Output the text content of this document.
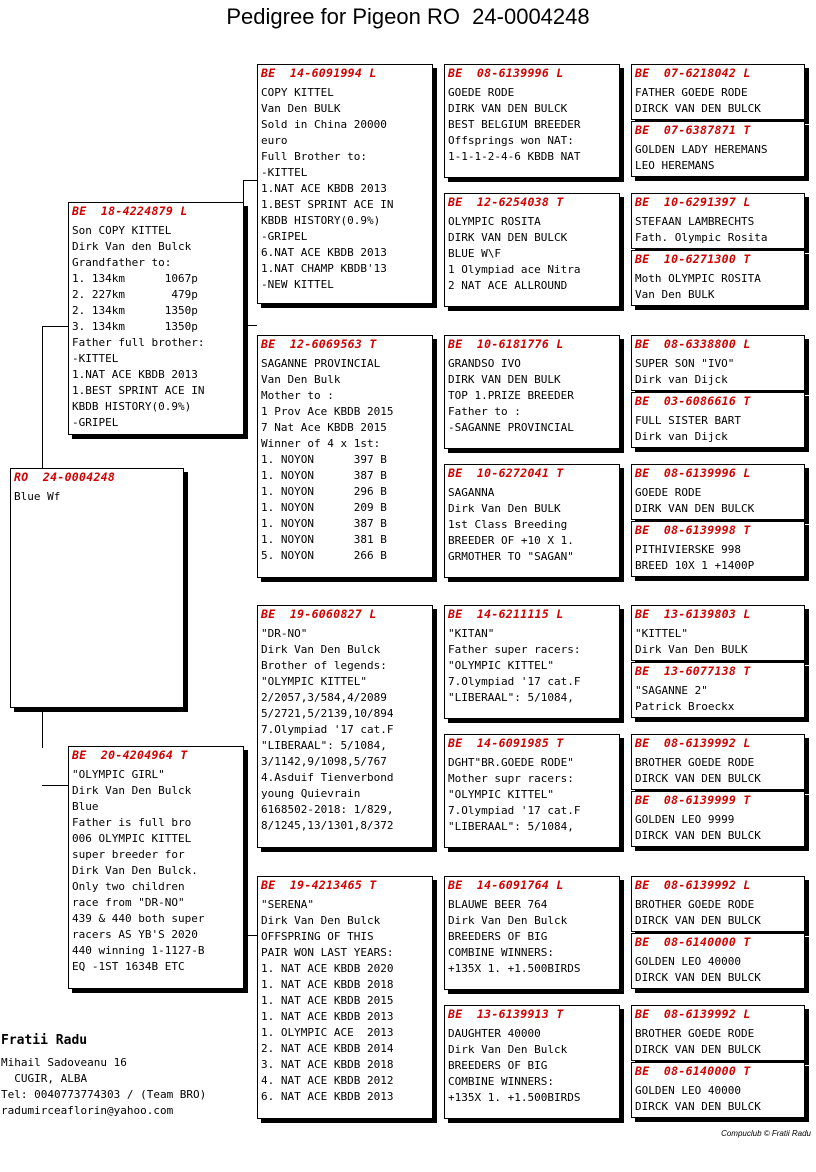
Pedigree for Pigeon RO  24-0004248
RO  24-0004248
Blue Wf
BE  18-4224879 L
Son COPY KITTEL
Dirk Van den Bulck
Grandfather to:
1. 134km      1067p
2. 227km       479p
2. 134km      1350p
3. 134km      1350p
Father full brother:
-KITTEL
1.NAT ACE KBDB 2013
1.BEST SPRINT ACE IN
KBDB HISTORY(0.9%)
-GRIPEL
BE  20-4204964 T
"OLYMPIC GIRL"
Dirk Van Den Bulck
Blue
Father is full bro
006 OLYMPIC KITTEL
super breeder for
Dirk Van Den Bulck.
Only two children
race from "DR-NO"
439 & 440 both super
racers AS YB'S 2020
440 winning 1-1127-B
EQ -1ST 1634B ETC
BE  14-6091994 L
COPY KITTEL
Van Den BULK
Sold in China 20000
euro
Full Brother to:
-KITTEL
1.NAT ACE KBDB 2013
1.BEST SPRINT ACE IN
KBDB HISTORY(0.9%)
-GRIPEL
6.NAT ACE KBDB 2013
1.NAT CHAMP KBDB'13
-NEW KITTEL
BE  12-6069563 T
SAGANNE PROVINCIAL
Van Den Bulk
Mother to :
1 Prov Ace KBDB 2015
7 Nat Ace KBDB 2015
Winner of 4 x 1st:
1. NOYON      397 B
1. NOYON      387 B
1. NOYON      296 B
1. NOYON      209 B
1. NOYON      387 B
1. NOYON      381 B
5. NOYON      266 B
BE  19-6060827 L
"DR-NO"
Dirk Van Den Bulck
Brother of legends:
"OLYMPIC KITTEL"
2/2057,3/584,4/2089
5/2721,5/2139,10/894
7.Olympiad '17 cat.F
"LIBERAAL": 5/1084,
3/1142,9/1098,5/767
4.Asduif Tienverbond
young Quievrain
6168502-2018: 1/829,
8/1245,13/1301,8/372
BE  19-4213465 T
"SERENA"
Dirk Van Den Bulck
OFFSPRING OF THIS
PAIR WON LAST YEARS:
1. NAT ACE KBDB 2020
1. NAT ACE KBDB 2018
1. NAT ACE KBDB 2015
1. NAT ACE KBDB 2013
1. OLYMPIC ACE  2013
2. NAT ACE KBDB 2014
3. NAT ACE KBDB 2018
4. NAT ACE KBDB 2012
6. NAT ACE KBDB 2013
BE  08-6139996 L
GOEDE RODE
DIRK VAN DEN BULCK
BEST BELGIUM BREEDER
Offsprings won NAT:
1-1-1-2-4-6 KBDB NAT
BE  12-6254038 T
OLYMPIC ROSITA
DIRK VAN DEN BULCK
BLUE W\F
1 Olympiad ace Nitra
2 NAT ACE ALLROUND
BE  10-6181776 L
GRANDSO IVO
DIRK VAN DEN BULK
TOP 1.PRIZE BREEDER
Father to :
-SAGANNE PROVINCIAL
BE  10-6272041 T
SAGANNA
Dirk Van Den BULK
1st Class Breeding
BREEDER OF +10 X 1.
GRMOTHER TO "SAGAN"
BE  14-6211115 L
"KITAN"
Father super racers:
"OLYMPIC KITTEL"
7.Olympiad '17 cat.F
"LIBERAAL": 5/1084,
BE  14-6091985 T
DGHT"BR.GOEDE RODE"
Mother supr racers:
"OLYMPIC KITTEL"
7.Olympiad '17 cat.F
"LIBERAAL": 5/1084,
BE  14-6091764 L
BLAUWE BEER 764
Dirk Van Den Bulck
BREEDERS OF BIG
COMBINE WINNERS:
+135X 1. +1.500BIRDS
BE  13-6139913 T
DAUGHTER 40000
Dirk Van Den Bulck
BREEDERS OF BIG
COMBINE WINNERS:
+135X 1. +1.500BIRDS
BE  07-6218042 L
FATHER GOEDE RODE
DIRCK VAN DEN BULCK
BE  07-6387871 T
GOLDEN LADY HEREMANS
LEO HEREMANS
BE  10-6291397 L
STEFAAN LAMBRECHTS
Fath. Olympic Rosita
BE  10-6271300 T
Moth OLYMPIC ROSITA
Van Den BULK
BE  08-6338800 L
SUPER SON "IVO"
Dirk van Dijck
BE  03-6086616 T
FULL SISTER BART
Dirk van Dijck
BE  08-6139996 L
GOEDE RODE
DIRK VAN DEN BULCK
BE  08-6139998 T
PITHIVIERSKE 998
BREED 10X 1 +1400P
BE  13-6139803 L
"KITTEL"
Dirk Van Den BULK
BE  13-6077138 T
"SAGANNE 2"
Patrick Broeckx
BE  08-6139992 L
BROTHER GOEDE RODE
DIRCK VAN DEN BULCK
BE  08-6139999 T
GOLDEN LEO 9999
DIRCK VAN DEN BULCK
BE  08-6139992 L
BROTHER GOEDE RODE
DIRCK VAN DEN BULCK
BE  08-6140000 T
GOLDEN LEO 40000
DIRCK VAN DEN BULCK
BE  08-6139992 L
BROTHER GOEDE RODE
DIRCK VAN DEN BULCK
BE  08-6140000 T
GOLDEN LEO 40000
DIRCK VAN DEN BULCK
Fratii Radu
Mihail Sadoveanu 16
CUGIR, ALBA
Tel: 0040773774303 / (Team BRO)
radumirceaflorin@yahoo.com
Compuclub © Fratii Radu
